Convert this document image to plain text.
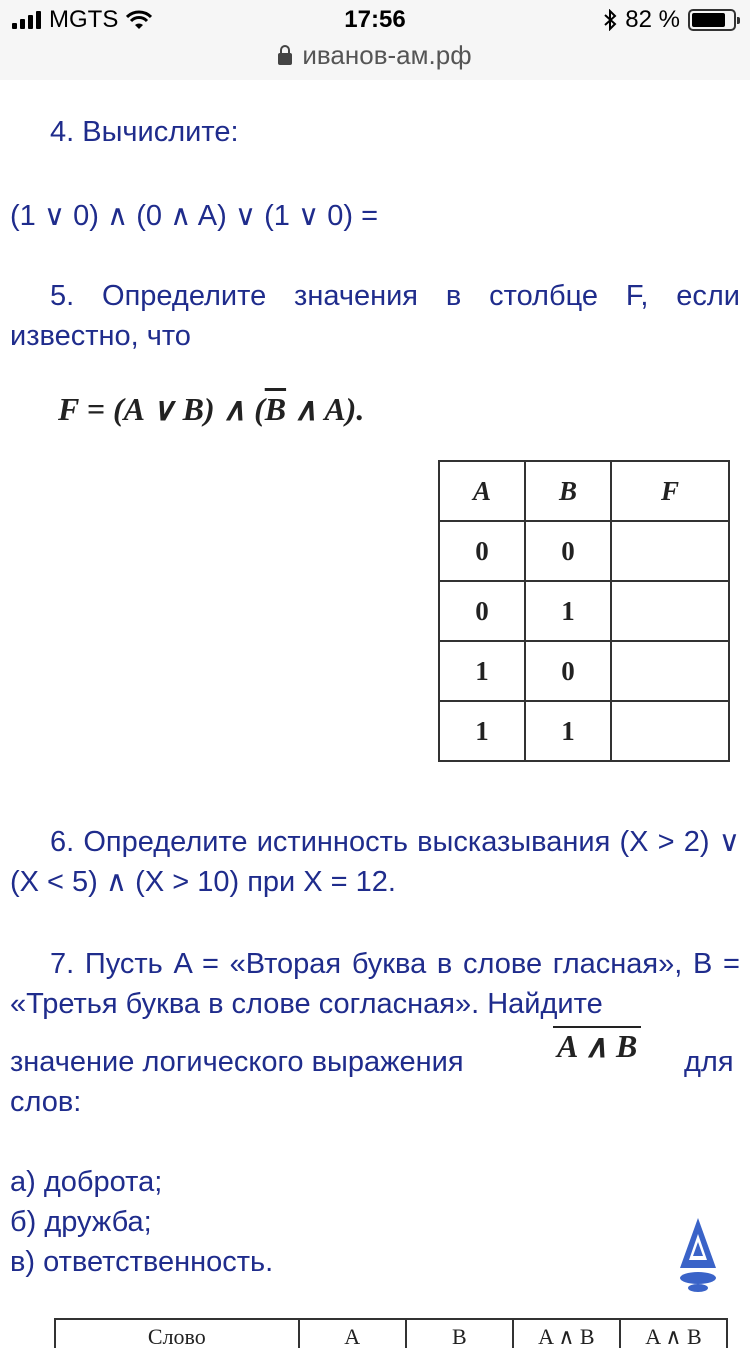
MGTS	17:56	82 %
иванов-ам.рф
4. Вычислите:
(1 ∨ 0) ∧ (0 ∧ A) ∨ (1 ∨ 0) =
5. Определите значения в столбце F, если известно, что
F = (A ∨ B) ∧ ($\overline{B}$ ∧ A).
A	B	F
0	0	
0	1	
1	0	
1	1	
6. Определите истинность высказывания (X > 2) ∨ (X < 5) ∧ (X > 10) при X = 12.
7. Пусть A = «Вторая буква в слове гласная», B = «Третья буква в слове согласная». Найдите
значение логического выражения	A ∧ B для
слов:
а) доброта;
б) дружба;
в) ответственность.
Слово	A	B	A ∧ B	A ∧ B
